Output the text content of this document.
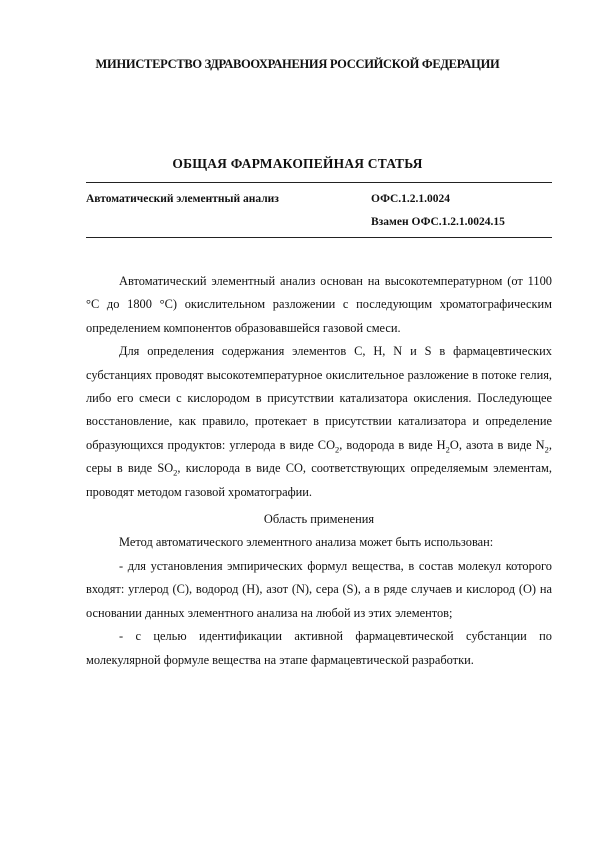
МИНИСТЕРСТВО ЗДРАВООХРАНЕНИЯ РОССИЙСКОЙ ФЕДЕРАЦИИ
ОБЩАЯ ФАРМАКОПЕЙНАЯ СТАТЬЯ
Автоматический элементный анализ	ОФС.1.2.1.0024
Взамен ОФС.1.2.1.0024.15

Автоматический элементный анализ основан на высокотемпературном (от 1100 °С до 1800 °С) окислительном разложении с последующим хроматографическим определением компонентов образовавшейся газовой смеси.

Для определения содержания элементов C, H, N и S в фармацевтических субстанциях проводят высокотемпературное окислительное разложение в потоке гелия, либо его смеси с кислородом в присутствии катализатора окисления. Последующее восстановление, как правило, протекает в присутствии катализатора и определение образующихся продуктов: углерода в виде $CO_2$, водорода в виде $H_2O$, азота в виде $N_2$, серы в виде $SO_2$, кислорода в виде CO, соответствующих определяемым элементам, проводят методом газовой хроматографии.

Область применения

Метод автоматического элементного анализа может быть использован:

- для установления эмпирических формул вещества, в состав молекул которого входят: углерод (C), водород (H), азот (N), сера (S), а в ряде случаев и кислород (O) на основании данных элементного анализа на любой из этих элементов;

- с целью идентификации активной фармацевтической субстанции по молекулярной формуле вещества на этапе фармацевтической разработки.
